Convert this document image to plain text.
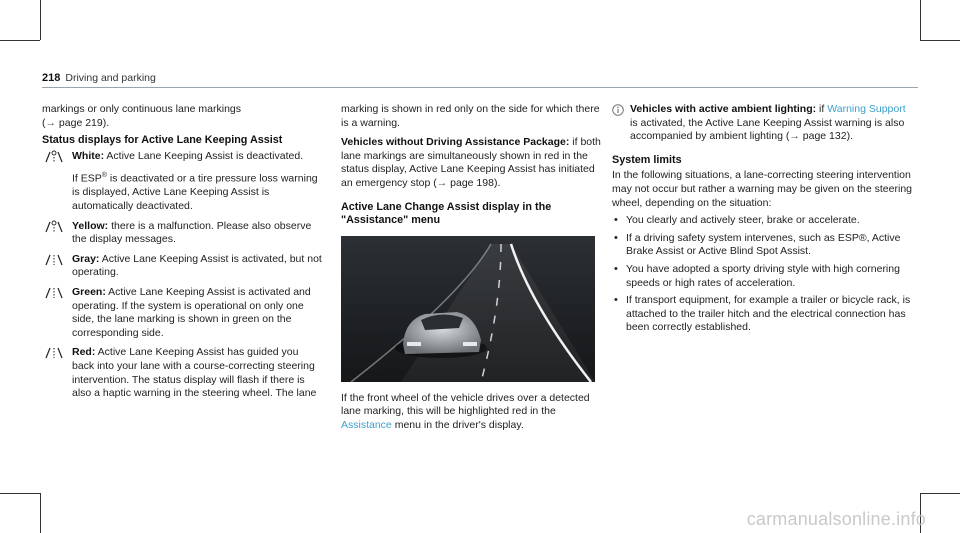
218 Driving and parking

markings or only continuous lane markings
(→ page 219).

Status displays for Active Lane Keeping Assist

White: Active Lane Keeping Assist is deactivated.

If ESP® is deactivated or a tire pressure loss warning is displayed, Active Lane Keeping Assist is automatically deactivated.

Yellow: there is a malfunction. Please also observe the display messages.

Gray: Active Lane Keeping Assist is activated, but not operating.

Green: Active Lane Keeping Assist is activated and operating. If the system is operational on only one side, the lane marking is shown in green on the corresponding side.

Red: Active Lane Keeping Assist has guided you back into your lane with a course-correcting steering intervention. The status display will flash if there is also a haptic warning in the steering wheel. The lane

marking is shown in red only on the side for which there is a warning.

Vehicles without Driving Assistance Package: if both lane markings are simultaneously shown in red in the status display, Active Lane Keeping Assist has initiated an emergency stop (→ page 198).

Active Lane Change Assist display in the "Assistance" menu

If the front wheel of the vehicle drives over a detected lane marking, this will be highlighted red in the Assistance menu in the driver's display.

Vehicles with active ambient lighting: if Warning Support is activated, the Active Lane Keeping Assist warning is also accompanied by ambient lighting (→ page 132).

System limits

In the following situations, a lane-correcting steering intervention may not occur but rather a warning may be given on the steering wheel, depending on the situation:

• You clearly and actively steer, brake or accelerate.
• If a driving safety system intervenes, such as ESP®, Active Brake Assist or Active Blind Spot Assist.
• You have adopted a sporty driving style with high cornering speeds or high rates of acceleration.
• If transport equipment, for example a trailer or bicycle rack, is attached to the trailer hitch and the electrical connection has been correctly established.
carmanualsonline.info
